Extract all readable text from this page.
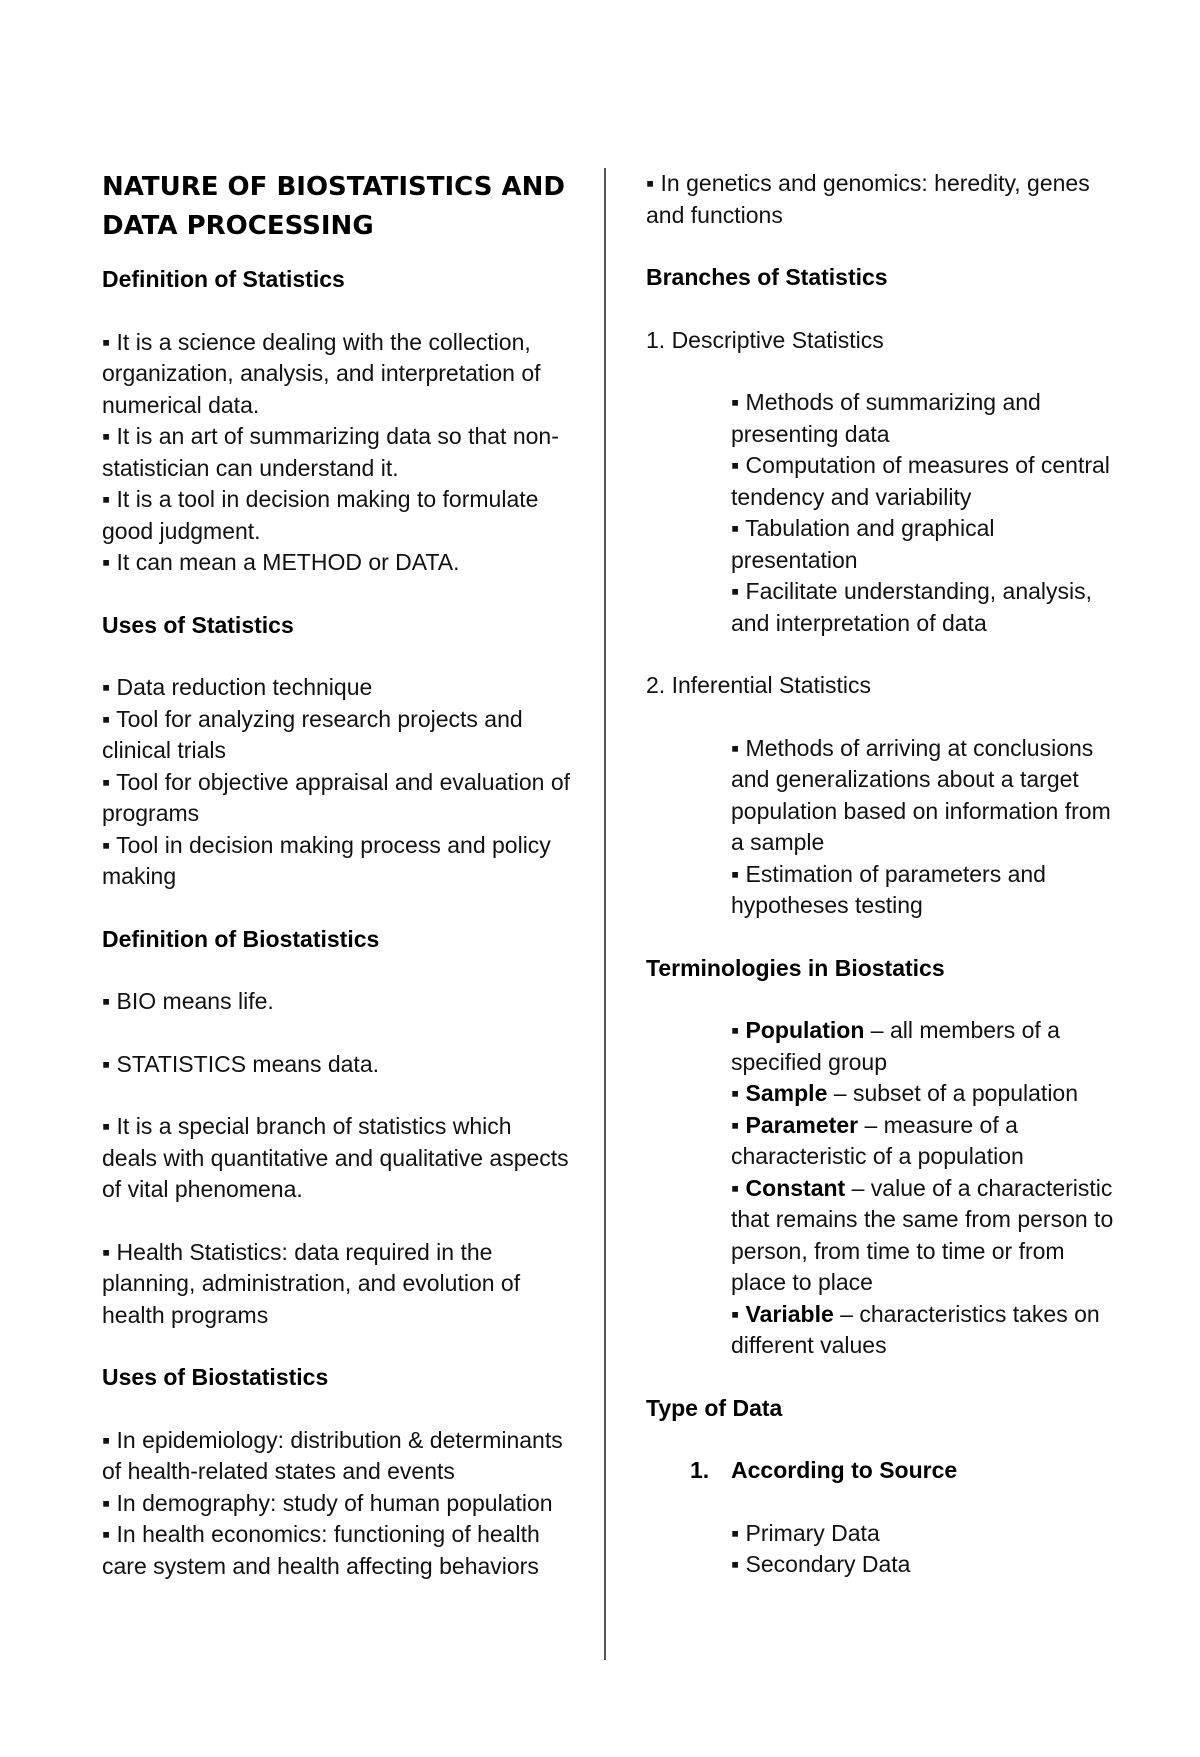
NATURE OF BIOSTATISTICS AND DATA PROCESSING
Definition of Statistics
▪ It is a science dealing with the collection, organization, analysis, and interpretation of numerical data.
▪ It is an art of summarizing data so that non-statistician can understand it.
▪ It is a tool in decision making to formulate good judgment.
▪ It can mean a METHOD or DATA.
Uses of Statistics
▪ Data reduction technique
▪ Tool for analyzing research projects and clinical trials
▪ Tool for objective appraisal and evaluation of programs
▪ Tool in decision making process and policy making
Definition of Biostatistics
▪ BIO means life.
▪ STATISTICS means data.
▪ It is a special branch of statistics which deals with quantitative and qualitative aspects of vital phenomena.
▪ Health Statistics: data required in the planning, administration, and evolution of health programs
Uses of Biostatistics
▪ In epidemiology: distribution & determinants of health-related states and events
▪ In demography: study of human population
▪ In health economics: functioning of health care system and health affecting behaviors
▪ In genetics and genomics: heredity, genes and functions
Branches of Statistics
1. Descriptive Statistics
▪ Methods of summarizing and presenting data
▪ Computation of measures of central tendency and variability
▪ Tabulation and graphical presentation
▪ Facilitate understanding, analysis, and interpretation of data
2. Inferential Statistics
▪ Methods of arriving at conclusions and generalizations about a target population based on information from a sample
▪ Estimation of parameters and hypotheses testing
Terminologies in Biostatics
▪ Population – all members of a specified group
▪ Sample – subset of a population
▪ Parameter – measure of a characteristic of a population
▪ Constant – value of a characteristic that remains the same from person to person, from time to time or from place to place
▪ Variable – characteristics takes on different values
Type of Data
1. According to Source
▪ Primary Data
▪ Secondary Data
